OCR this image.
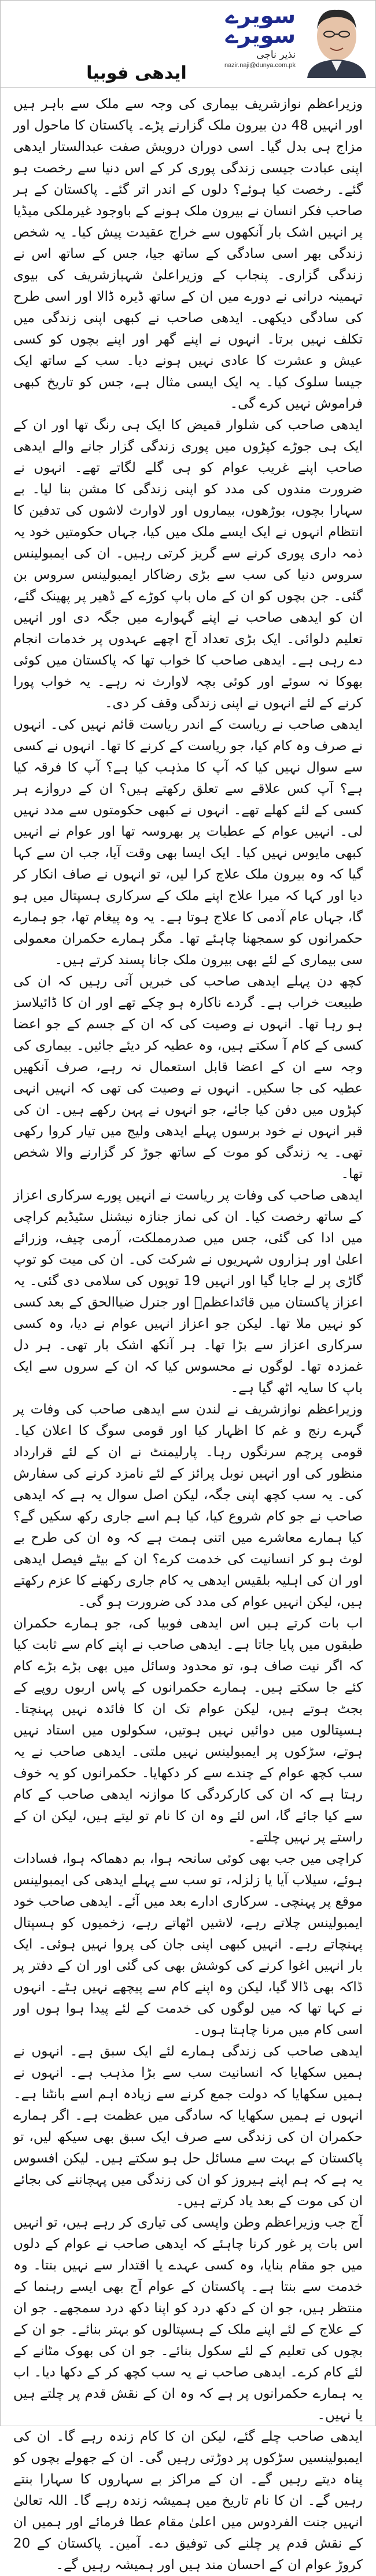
سویرے
سویرے
نذیر ناجی
nazir.naji@dunya.com.pk
ایدھی فوبیا

وزیراعظم نوازشریف بیماری کی وجہ سے ملک سے باہر ہیں اور انہیں 48 دن بیرون ملک گزارنے پڑے۔ پاکستان کا ماحول اور مزاج ہی بدل گیا۔ اسی دوران درویش صفت عبدالستار ایدھی اپنی عبادت جیسی زندگی پوری کر کے اس دنیا سے رخصت ہو گئے۔ رخصت کیا ہوئے؟ دلوں کے اندر اتر گئے۔ پاکستان کے ہر صاحب فکر انسان نے بیرون ملک ہونے کے باوجود غیرملکی میڈیا پر انہیں اشک بار آنکھوں سے خراج عقیدت پیش کیا۔ یہ شخص زندگی بھر اسی سادگی کے ساتھ جیا، جس کے ساتھ اس نے زندگی گزاری۔ پنجاب کے وزیراعلیٰ شہبازشریف کی بیوی تہمینہ درانی نے دورے میں ان کے ساتھ ڈیرہ ڈالا اور اسی طرح کی سادگی دیکھی۔ ایدھی صاحب نے کبھی اپنی زندگی میں تکلف نہیں برتا۔ انہوں نے اپنے گھر اور اپنے بچوں کو کسی عیش و عشرت کا عادی نہیں ہونے دیا۔ سب کے ساتھ ایک جیسا سلوک کیا۔ یہ ایک ایسی مثال ہے، جس کو تاریخ کبھی فراموش نہیں کرے گی۔

ایدھی صاحب کی شلوار قمیض کا ایک ہی رنگ تھا اور ان کے ایک ہی جوڑے کپڑوں میں پوری زندگی گزار جانے والے ایدھی صاحب اپنے غریب عوام کو ہی گلے لگاتے تھے۔ انہوں نے ضرورت مندوں کی مدد کو اپنی زندگی کا مشن بنا لیا۔ بے سہارا بچوں، بوڑھوں، بیماروں اور لاوارث لاشوں کی تدفین کا انتظام انہوں نے ایک ایسے ملک میں کیا، جہاں حکومتیں خود یہ ذمہ داری پوری کرنے سے گریز کرتی رہیں۔ ان کی ایمبولینس سروس دنیا کی سب سے بڑی رضاکار ایمبولینس سروس بن گئی۔ جن بچوں کو ان کے ماں باپ کوڑے کے ڈھیر پر پھینک گئے، ان کو ایدھی صاحب نے اپنے گہوارے میں جگہ دی اور انہیں تعلیم دلوائی۔ ایک بڑی تعداد آج اچھے عہدوں پر خدمات انجام دے رہی ہے۔ ایدھی صاحب کا خواب تھا کہ پاکستان میں کوئی بھوکا نہ سوئے اور کوئی بچہ لاوارث نہ رہے۔ یہ خواب پورا کرنے کے لئے انہوں نے اپنی زندگی وقف کر دی۔

ایدھی صاحب نے ریاست کے اندر ریاست قائم نہیں کی۔ انہوں نے صرف وہ کام کیا، جو ریاست کے کرنے کا تھا۔ انہوں نے کسی سے سوال نہیں کیا کہ آپ کا مذہب کیا ہے؟ آپ کا فرقہ کیا ہے؟ آپ کس علاقے سے تعلق رکھتے ہیں؟ ان کے دروازے ہر کسی کے لئے کھلے تھے۔ انہوں نے کبھی حکومتوں سے مدد نہیں لی۔ انہیں عوام کے عطیات پر بھروسہ تھا اور عوام نے انہیں کبھی مایوس نہیں کیا۔ ایک ایسا بھی وقت آیا، جب ان سے کہا گیا کہ وہ بیرون ملک علاج کرا لیں، تو انہوں نے صاف انکار کر دیا اور کہا کہ میرا علاج اپنے ملک کے سرکاری ہسپتال میں ہو گا، جہاں عام آدمی کا علاج ہوتا ہے۔ یہ وہ پیغام تھا، جو ہمارے حکمرانوں کو سمجھنا چاہئے تھا۔ مگر ہمارے حکمران معمولی سی بیماری کے لئے بھی بیرون ملک جانا پسند کرتے ہیں۔

کچھ دن پہلے ایدھی صاحب کی خبریں آتی رہیں کہ ان کی طبیعت خراب ہے۔ گردے ناکارہ ہو چکے تھے اور ان کا ڈائیلاسز ہو رہا تھا۔ انہوں نے وصیت کی کہ ان کے جسم کے جو اعضا کسی کے کام آ سکتے ہیں، وہ عطیہ کر دیئے جائیں۔ بیماری کی وجہ سے ان کے اعضا قابل استعمال نہ رہے، صرف آنکھیں عطیہ کی جا سکیں۔ انہوں نے وصیت کی تھی کہ انہیں انہی کپڑوں میں دفن کیا جائے، جو انہوں نے پہن رکھے ہیں۔ ان کی قبر انہوں نے خود برسوں پہلے ایدھی ولیج میں تیار کروا رکھی تھی۔ یہ زندگی کو موت کے ساتھ جوڑ کر گزارنے والا شخص تھا۔

ایدھی صاحب کی وفات پر ریاست نے انہیں پورے سرکاری اعزاز کے ساتھ رخصت کیا۔ ان کی نماز جنازہ نیشنل سٹیڈیم کراچی میں ادا کی گئی، جس میں صدرمملکت، آرمی چیف، وزرائے اعلیٰ اور ہزاروں شہریوں نے شرکت کی۔ ان کی میت کو توپ گاڑی پر لے جایا گیا اور انہیں 19 توپوں کی سلامی دی گئی۔ یہ اعزاز پاکستان میں قائداعظمؒ اور جنرل ضیاالحق کے بعد کسی کو نہیں ملا تھا۔ لیکن جو اعزاز انہیں عوام نے دیا، وہ کسی سرکاری اعزاز سے بڑا تھا۔ ہر آنکھ اشک بار تھی۔ ہر دل غمزدہ تھا۔ لوگوں نے محسوس کیا کہ ان کے سروں سے ایک باپ کا سایہ اٹھ گیا ہے۔

وزیراعظم نوازشریف نے لندن سے ایدھی صاحب کی وفات پر گہرے رنج و غم کا اظہار کیا اور قومی سوگ کا اعلان کیا۔ قومی پرچم سرنگوں رہا۔ پارلیمنٹ نے ان کے لئے قرارداد منظور کی اور انہیں نوبل پرائز کے لئے نامزد کرنے کی سفارش کی۔ یہ سب کچھ اپنی جگہ، لیکن اصل سوال یہ ہے کہ ایدھی صاحب نے جو کام شروع کیا، کیا ہم اسے جاری رکھ سکیں گے؟ کیا ہمارے معاشرے میں اتنی ہمت ہے کہ وہ ان کی طرح بے لوث ہو کر انسانیت کی خدمت کرے؟ ان کے بیٹے فیصل ایدھی اور ان کی اہلیہ بلقیس ایدھی یہ کام جاری رکھنے کا عزم رکھتے ہیں، لیکن انہیں عوام کی مدد کی ضرورت ہو گی۔

اب بات کرتے ہیں اس ایدھی فوبیا کی، جو ہمارے حکمران طبقوں میں پایا جاتا ہے۔ ایدھی صاحب نے اپنے کام سے ثابت کیا کہ اگر نیت صاف ہو، تو محدود وسائل میں بھی بڑے بڑے کام کئے جا سکتے ہیں۔ ہمارے حکمرانوں کے پاس اربوں روپے کے بجٹ ہوتے ہیں، لیکن عوام تک ان کا فائدہ نہیں پہنچتا۔ ہسپتالوں میں دوائیں نہیں ہوتیں، سکولوں میں استاد نہیں ہوتے، سڑکوں پر ایمبولینس نہیں ملتی۔ ایدھی صاحب نے یہ سب کچھ عوام کے چندے سے کر دکھایا۔ حکمرانوں کو یہ خوف رہتا ہے کہ ان کی کارکردگی کا موازنہ ایدھی صاحب کے کام سے کیا جائے گا، اس لئے وہ ان کا نام تو لیتے ہیں، لیکن ان کے راستے پر نہیں چلتے۔

کراچی میں جب بھی کوئی سانحہ ہوا، بم دھماکہ ہوا، فسادات ہوئے، سیلاب آیا یا زلزلہ، تو سب سے پہلے ایدھی کی ایمبولینس موقع پر پہنچی۔ سرکاری ادارے بعد میں آئے۔ ایدھی صاحب خود ایمبولینس چلاتے رہے، لاشیں اٹھاتے رہے، زخمیوں کو ہسپتال پہنچاتے رہے۔ انہیں کبھی اپنی جان کی پروا نہیں ہوئی۔ ایک بار انہیں اغوا کرنے کی کوشش بھی کی گئی اور ان کے دفتر پر ڈاکہ بھی ڈالا گیا، لیکن وہ اپنے کام سے پیچھے نہیں ہٹے۔ انہوں نے کہا تھا کہ میں لوگوں کی خدمت کے لئے پیدا ہوا ہوں اور اسی کام میں مرنا چاہتا ہوں۔

ایدھی صاحب کی زندگی ہمارے لئے ایک سبق ہے۔ انہوں نے ہمیں سکھایا کہ انسانیت سب سے بڑا مذہب ہے۔ انہوں نے ہمیں سکھایا کہ دولت جمع کرنے سے زیادہ اہم اسے بانٹنا ہے۔ انہوں نے ہمیں سکھایا کہ سادگی میں عظمت ہے۔ اگر ہمارے حکمران ان کی زندگی سے صرف ایک سبق بھی سیکھ لیں، تو پاکستان کے بہت سے مسائل حل ہو سکتے ہیں۔ لیکن افسوس یہ ہے کہ ہم اپنے ہیروز کو ان کی زندگی میں پہچاننے کی بجائے ان کی موت کے بعد یاد کرتے ہیں۔

آج جب وزیراعظم وطن واپسی کی تیاری کر رہے ہیں، تو انہیں اس بات پر غور کرنا چاہئے کہ ایدھی صاحب نے عوام کے دلوں میں جو مقام بنایا، وہ کسی عہدے یا اقتدار سے نہیں بنتا۔ وہ خدمت سے بنتا ہے۔ پاکستان کے عوام آج بھی ایسے رہنما کے منتظر ہیں، جو ان کے دکھ درد کو اپنا دکھ درد سمجھے۔ جو ان کے علاج کے لئے اپنے ملک کے ہسپتالوں کو بہتر بنائے۔ جو ان کے بچوں کی تعلیم کے لئے سکول بنائے۔ جو ان کی بھوک مٹانے کے لئے کام کرے۔ ایدھی صاحب نے یہ سب کچھ کر کے دکھا دیا۔ اب یہ ہمارے حکمرانوں پر ہے کہ وہ ان کے نقش قدم پر چلتے ہیں یا نہیں۔

ایدھی صاحب چلے گئے، لیکن ان کا کام زندہ رہے گا۔ ان کی ایمبولینسیں سڑکوں پر دوڑتی رہیں گی۔ ان کے جھولے بچوں کو پناہ دیتے رہیں گے۔ ان کے مراکز بے سہاروں کا سہارا بنتے رہیں گے۔ ان کا نام تاریخ میں ہمیشہ زندہ رہے گا۔ اللہ تعالیٰ انہیں جنت الفردوس میں اعلیٰ مقام عطا فرمائے اور ہمیں ان کے نقش قدم پر چلنے کی توفیق دے۔ آمین۔ پاکستان کے 20 کروڑ عوام ان کے احسان مند ہیں اور ہمیشہ رہیں گے۔
